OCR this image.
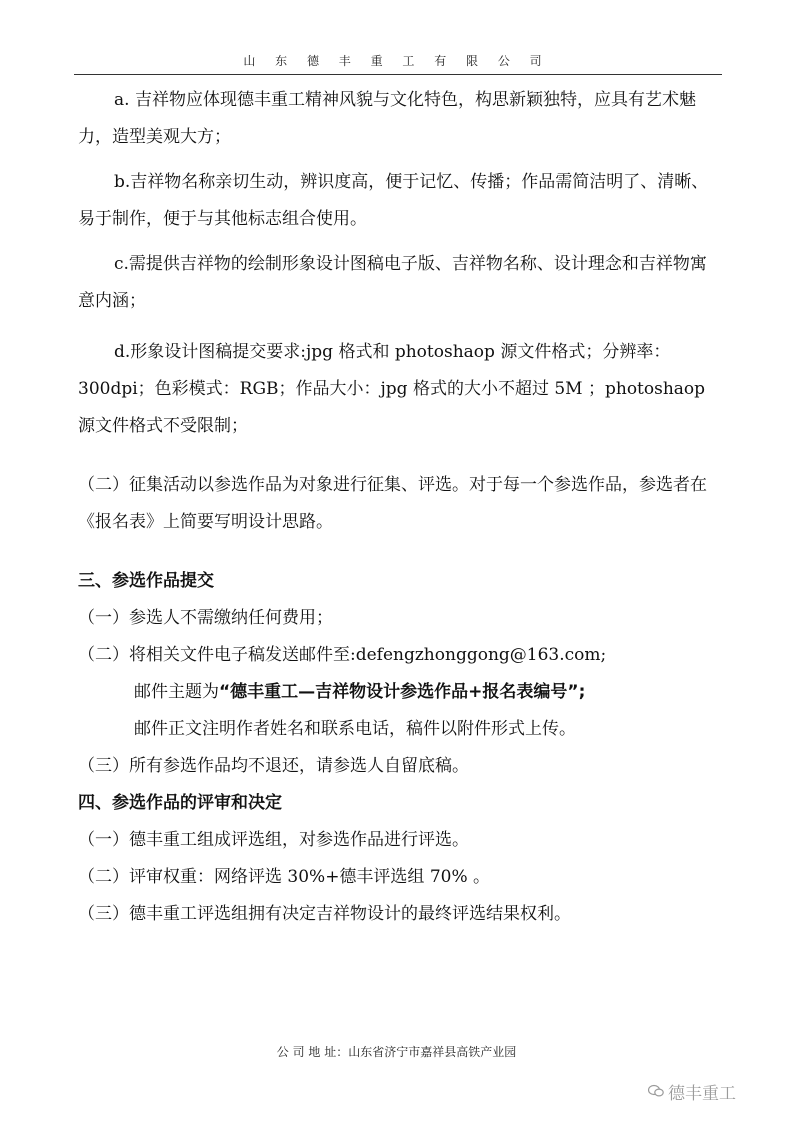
山 东 德 丰 重 工 有 限 公 司

a. 吉祥物应体现德丰重工精神风貌与文化特色，构思新颖独特，应具有艺术魅力，造型美观大方；

b.吉祥物名称亲切生动，辨识度高，便于记忆、传播；作品需简洁明了、清晰、易于制作，便于与其他标志组合使用。

c.需提供吉祥物的绘制形象设计图稿电子版、吉祥物名称、设计理念和吉祥物寓意内涵；

d.形象设计图稿提交要求:jpg 格式和 photoshaop 源文件格式；分辨率：300dpi；色彩模式：RGB；作品大小：jpg 格式的大小不超过 5M ；photoshaop 源文件格式不受限制；

（二）征集活动以参选作品为对象进行征集、评选。对于每一个参选作品，参选者在《报名表》上简要写明设计思路。

三、参选作品提交

（一）参选人不需缴纳任何费用；

（二）将相关文件电子稿发送邮件至:defengzhonggong@163.com;

邮件主题为“德丰重工—吉祥物设计参选作品+报名表编号”;

邮件正文注明作者姓名和联系电话，稿件以附件形式上传。

（三）所有参选作品均不退还，请参选人自留底稿。

四、参选作品的评审和决定

（一）德丰重工组成评选组，对参选作品进行评选。

（二）评审权重：网络评选 30%+德丰评选组 70% 。

（三）德丰重工评选组拥有决定吉祥物设计的最终评选结果权利。

公 司 地 址：山东省济宁市嘉祥县高铁产业园
德丰重工
